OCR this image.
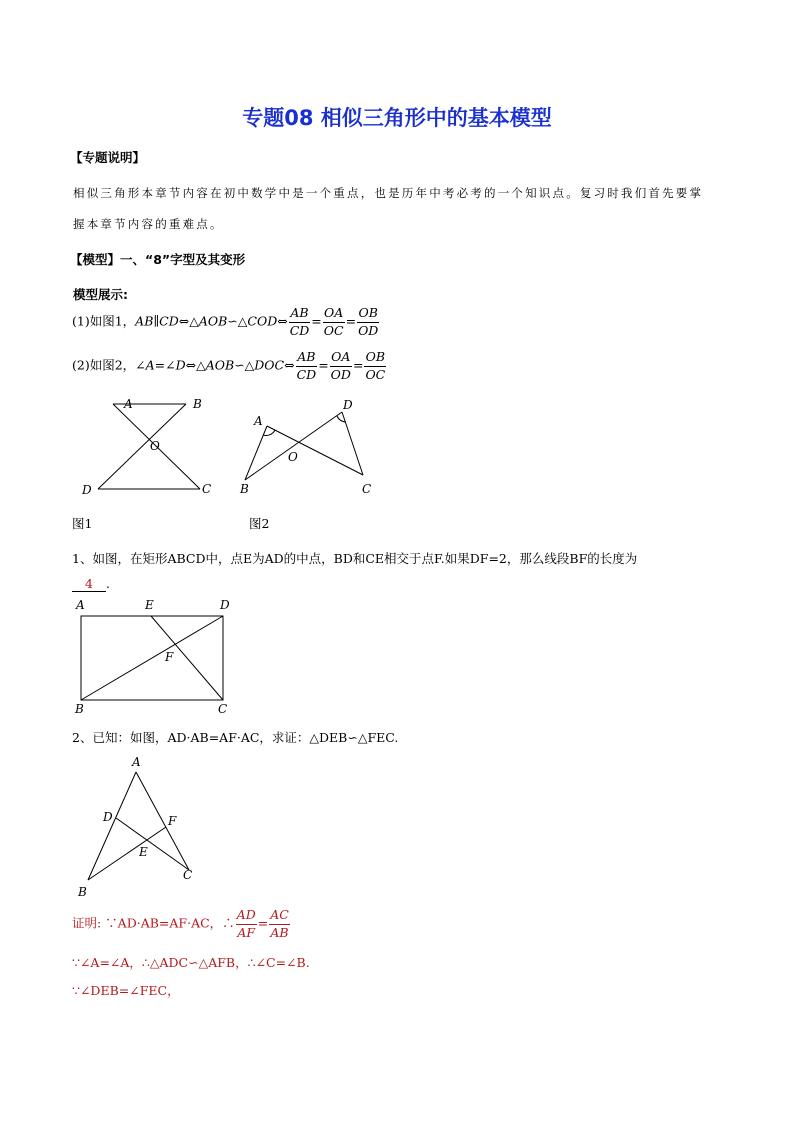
专题08 相似三角形中的基本模型
【专题说明】
相似三角形本章节内容在初中数学中是一个重点，也是历年中考必考的一个知识点。复习时我们首先要掌
握本章节内容的重难点。
【模型】一、“8”字型及其变形
模型展示:
(1)如图1，AB∥CD⇔△AOB∽△COD⇔ $\frac{AB}{CD} = \frac{OA}{OC} = \frac{OB}{OD}$
(2)如图2，∠A=∠D⇔△AOB∽△DOC⇔ $\frac{AB}{CD} = \frac{OA}{OD} = \frac{OB}{OC}$
A	B
O
D	C
A
D
O
B	C
图1	图2
1、如图，在矩形ABCD中，点E为AD的中点，BD和CE相交于点F.如果DF=2，那么线段BF的长度为
4 .
A	E	D
F
B	C
2、已知：如图，AD·AB=AF·AC，求证：△DEB∽△FEC.
A
D	F
E
B
C
证明: ∵AD·AB=AF·AC，∴ $\frac{AD}{AF} = \frac{AC}{AB}$
∵∠A=∠A，∴△ADC∽△AFB，∴∠C=∠B.
∵∠DEB=∠FEC，
